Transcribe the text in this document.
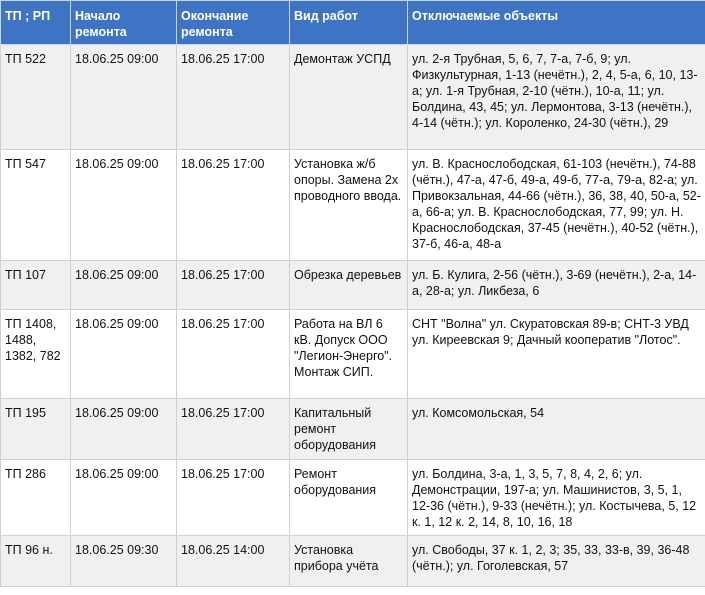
ТП ; РП	Начало ремонта	Окончание ремонта	Вид работ	Отключаемые объекты
ТП 522	18.06.25 09:00	18.06.25 17:00	Демонтаж УСПД	ул. 2-я Трубная, 5, 6, 7, 7-а, 7-б, 9; ул. Физкультурная, 1-13 (нечётн.), 2, 4, 5-а, 6, 10, 13-а; ул. 1-я Трубная, 2-10 (чётн.), 10-а, 11; ул. Болдина, 43, 45; ул. Лермонтова, 3-13 (нечётн.), 4-14 (чётн.); ул. Короленко, 24-30 (чётн.), 29
ТП 547	18.06.25 09:00	18.06.25 17:00	Установка ж/б опоры. Замена 2х проводного ввода.	ул. В. Краснослободская, 61-103 (нечётн.), 74-88 (чётн.), 47-а, 47-б, 49-а, 49-б, 77-а, 79-а, 82-а; ул. Привокзальная, 44-66 (чётн.), 36, 38, 40, 50-а, 52-а, 66-а; ул. В. Краснослободская, 77, 99; ул. Н. Краснослободская, 37-45 (нечётн.), 40-52 (чётн.), 37-б, 46-а, 48-а
ТП 107	18.06.25 09:00	18.06.25 17:00	Обрезка деревьев	ул. Б. Кулига, 2-56 (чётн.), 3-69 (нечётн.), 2-а, 14-а, 28-а; ул. Ликбеза, 6
ТП 1408, 1488, 1382, 782	18.06.25 09:00	18.06.25 17:00	Работа на ВЛ 6 кВ. Допуск ООО "Легион-Энерго". Монтаж СИП.	СНТ "Волна" ул. Скуратовская 89-в; СНТ-3 УВД ул. Киреевская 9; Дачный кооператив "Лотос".
ТП 195	18.06.25 09:00	18.06.25 17:00	Капитальный ремонт оборудования	ул. Комсомольская, 54
ТП 286	18.06.25 09:00	18.06.25 17:00	Ремонт оборудования	ул. Болдина, 3-а, 1, 3, 5, 7, 8, 4, 2, 6; ул. Демонстрации, 197-а; ул. Машинистов, 3, 5, 1, 12-36 (чётн.), 9-33 (нечётн.); ул. Костычева, 5, 12 к. 1, 12 к. 2, 14, 8, 10, 16, 18
ТП 96 н.	18.06.25 09:30	18.06.25 14:00	Установка прибора учёта	ул. Свободы, 37 к. 1, 2, 3; 35, 33, 33-в, 39, 36-48 (чётн.); ул. Гоголевская, 57
